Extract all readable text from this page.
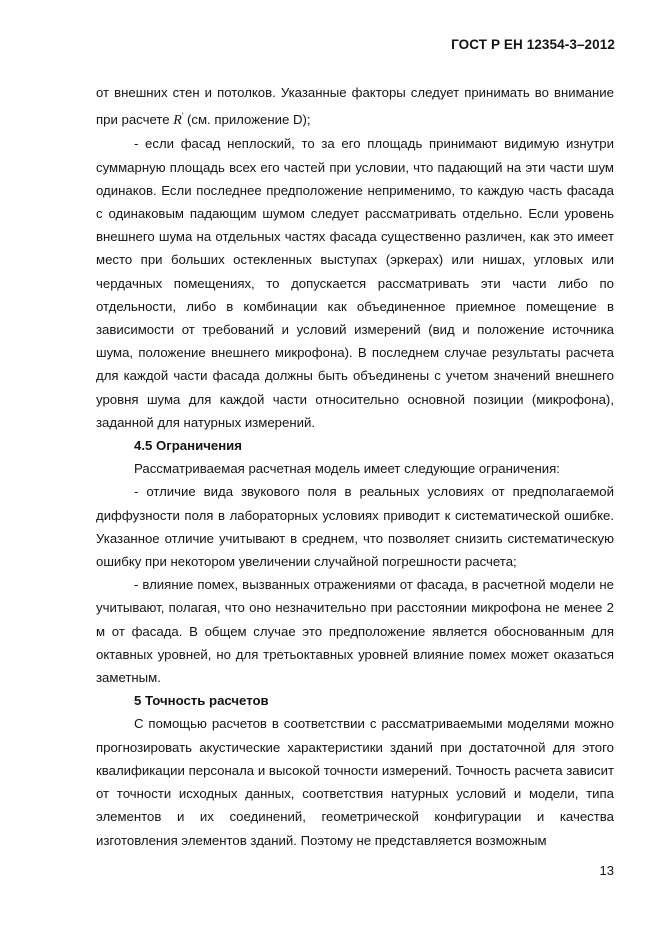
ГОСТ Р ЕН 12354-3–2012

от внешних стен и потолков. Указанные факторы следует принимать во внимание при расчете R' (см. приложение D);

- если фасад неплоский, то за его площадь принимают видимую изнутри суммарную площадь всех его частей при условии, что падающий на эти части шум одинаков. Если последнее предположение неприменимо, то каждую часть фасада с одинаковым падающим шумом следует рассматривать отдельно. Если уровень внешнего шума на отдельных частях фасада существенно различен, как это имеет место при больших остекленных выступах (эркерах) или нишах, угловых или чердачных помещениях, то допускается рассматривать эти части либо по отдельности, либо в комбинации как объединенное приемное помещение в зависимости от требований и условий измерений (вид и положение источника шума, положение внешнего микрофона). В последнем случае результаты расчета для каждой части фасада должны быть объединены с учетом значений внешнего уровня шума для каждой части относительно основной позиции (микрофона), заданной для натурных измерений.

4.5 Ограничения

Рассматриваемая расчетная модель имеет следующие ограничения:

- отличие вида звукового поля в реальных условиях от предполагаемой диффузности поля в лабораторных условиях приводит к систематической ошибке. Указанное отличие учитывают в среднем, что позволяет снизить систематическую ошибку при некотором увеличении случайной погрешности расчета;

- влияние помех, вызванных отражениями от фасада, в расчетной модели не учитывают, полагая, что оно незначительно при расстоянии микрофона не менее 2 м от фасада. В общем случае это предположение является обоснованным для октавных уровней, но для третьоктавных уровней влияние помех может оказаться заметным.

5 Точность расчетов

С помощью расчетов в соответствии с рассматриваемыми моделями можно прогнозировать акустические характеристики зданий при достаточной для этого квалификации персонала и высокой точности измерений. Точность расчета зависит от точности исходных данных, соответствия натурных условий и модели, типа элементов и их соединений, геометрической конфигурации и качества изготовления элементов зданий. Поэтому не представляется возможным

13
